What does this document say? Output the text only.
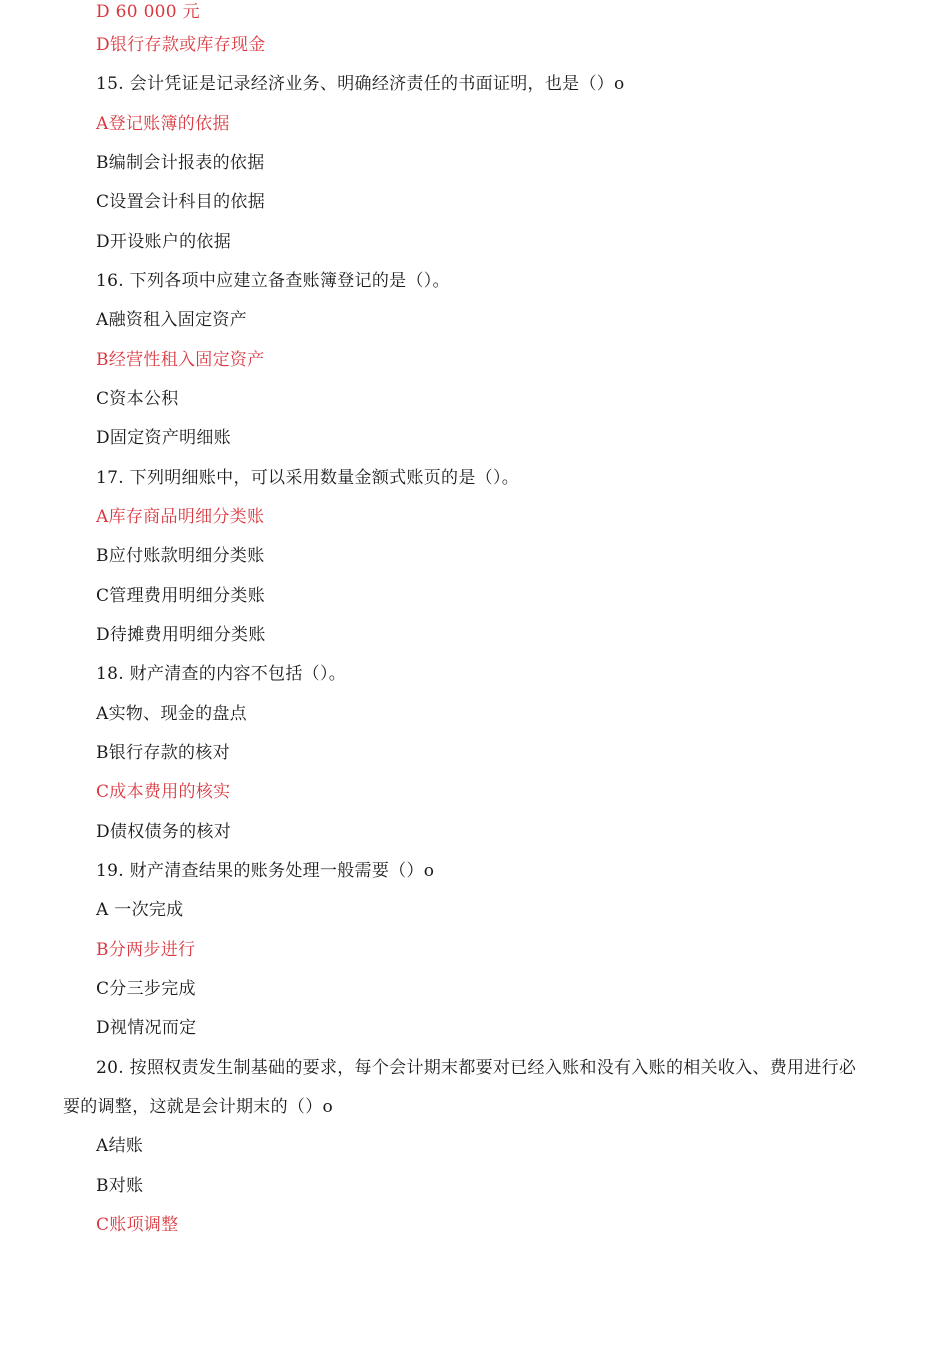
D 60 000 元
D银行存款或库存现金
15. 会计凭证是记录经济业务、明确经济责任的书面证明，也是（）o
A登记账簿的依据
B编制会计报表的依据
C设置会计科目的依据
D开设账户的依据
16. 下列各项中应建立备查账簿登记的是（）。
A融资租入固定资产
B经营性租入固定资产
C资本公积
D固定资产明细账
17. 下列明细账中，可以采用数量金额式账页的是（）。
A库存商品明细分类账
B应付账款明细分类账
C管理费用明细分类账
D待摊费用明细分类账
18. 财产清查的内容不包括（）。
A实物、现金的盘点
B银行存款的核对
C成本费用的核实
D债权债务的核对
19. 财产清查结果的账务处理一般需要（）o
A 一次完成
B分两步进行
C分三步完成
D视情况而定
20. 按照权责发生制基础的要求，每个会计期末都要对已经入账和没有入账的相关收入、费用进行必
要的调整，这就是会计期末的（）o
A结账
B对账
C账项调整
